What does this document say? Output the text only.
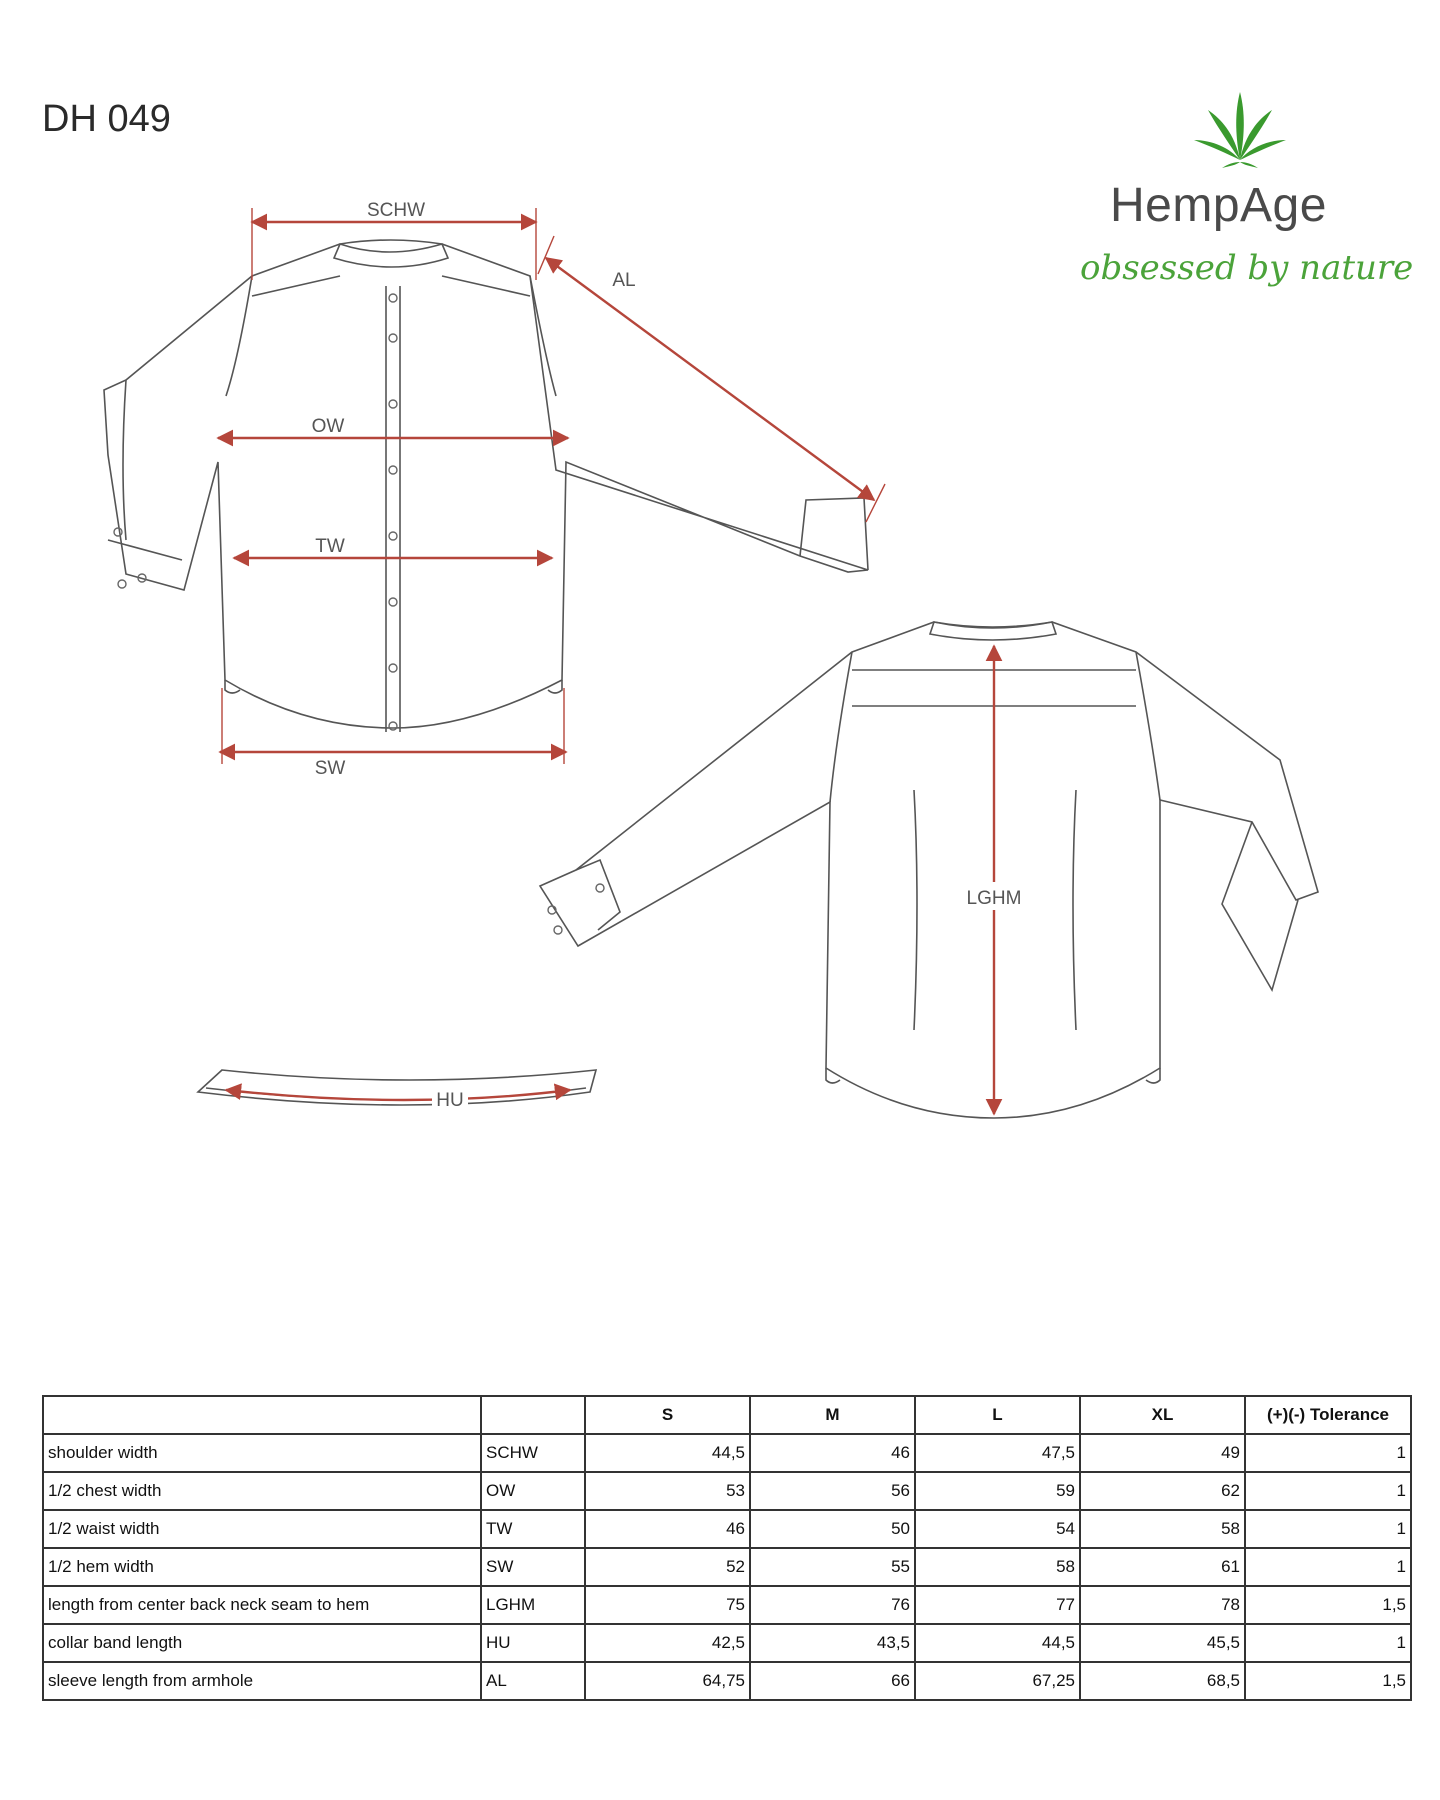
DH 049
HempAge
obsessed by nature
SCHW
AL
OW
TW
SW
LGHM
HU
		S	M	L	XL	(+)(-) Tolerance
shoulder width	SCHW	44,5	46	47,5	49	1
1/2 chest width	OW	53	56	59	62	1
1/2 waist width	TW	46	50	54	58	1
1/2 hem width	SW	52	55	58	61	1
length from center back neck seam to hem	LGHM	75	76	77	78	1,5
collar band length	HU	42,5	43,5	44,5	45,5	1
sleeve length from armhole	AL	64,75	66	67,25	68,5	1,5
